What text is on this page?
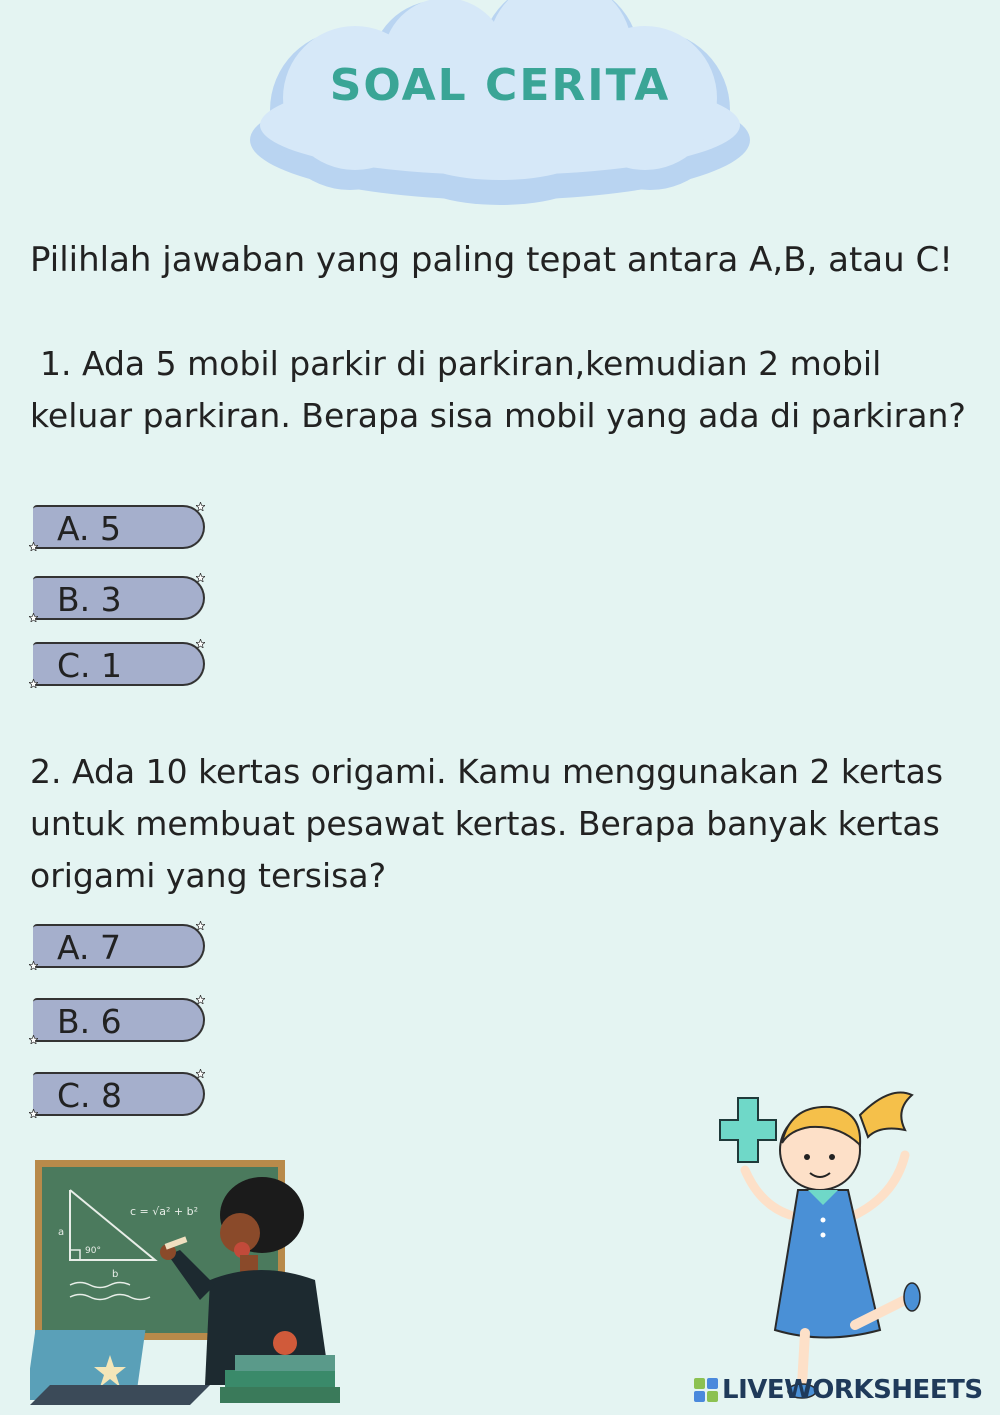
SOAL CERITA

Pilihlah jawaban yang paling tepat antara A,B, atau C!

1. Ada 5 mobil parkir di parkiran,kemudian 2 mobil keluar parkiran. Berapa sisa mobil yang ada di parkiran?

A. 5
B. 3
C. 1

2. Ada 10 kertas origami. Kamu menggunakan 2 kertas untuk membuat pesawat kertas. Berapa banyak kertas origami yang tersisa?

A. 7
B. 6
C. 8
a
90°
b
c = √a² + b²
LIVEWORKSHEETS
